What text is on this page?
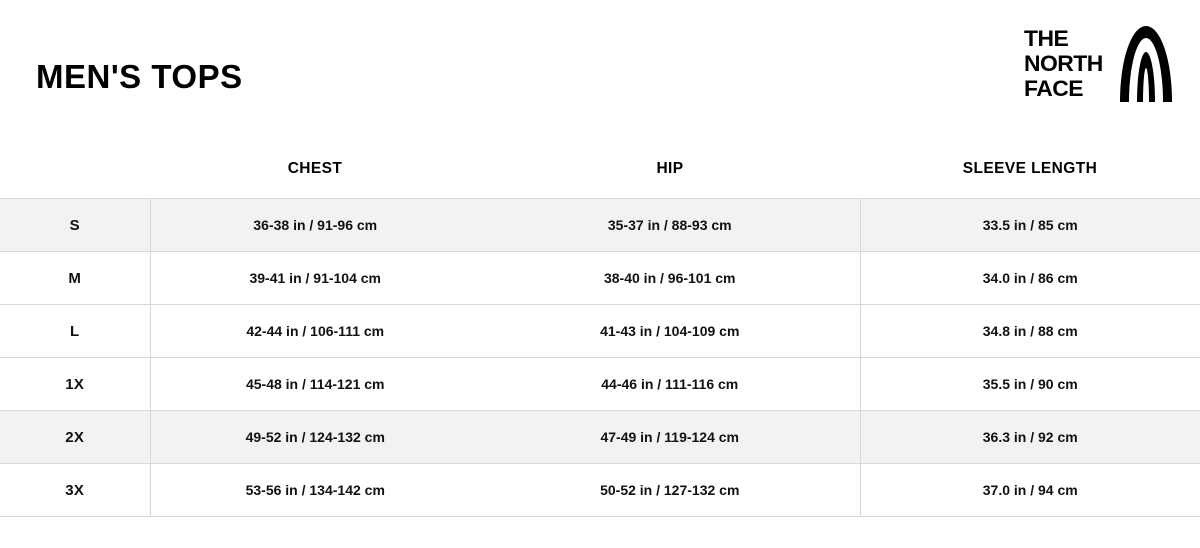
MEN'S TOPS
THE
NORTH
FACE
	CHEST	HIP	SLEEVE LENGTH
S	36-38 in / 91-96 cm	35-37 in / 88-93 cm	33.5 in / 85 cm
M	39-41 in / 91-104 cm	38-40 in / 96-101 cm	34.0 in / 86 cm
L	42-44 in / 106-111 cm	41-43 in / 104-109 cm	34.8 in / 88 cm
1X	45-48 in / 114-121 cm	44-46 in / 111-116 cm	35.5 in / 90 cm
2X	49-52 in / 124-132 cm	47-49 in / 119-124 cm	36.3 in / 92 cm
3X	53-56 in / 134-142 cm	50-52 in / 127-132 cm	37.0 in / 94 cm
